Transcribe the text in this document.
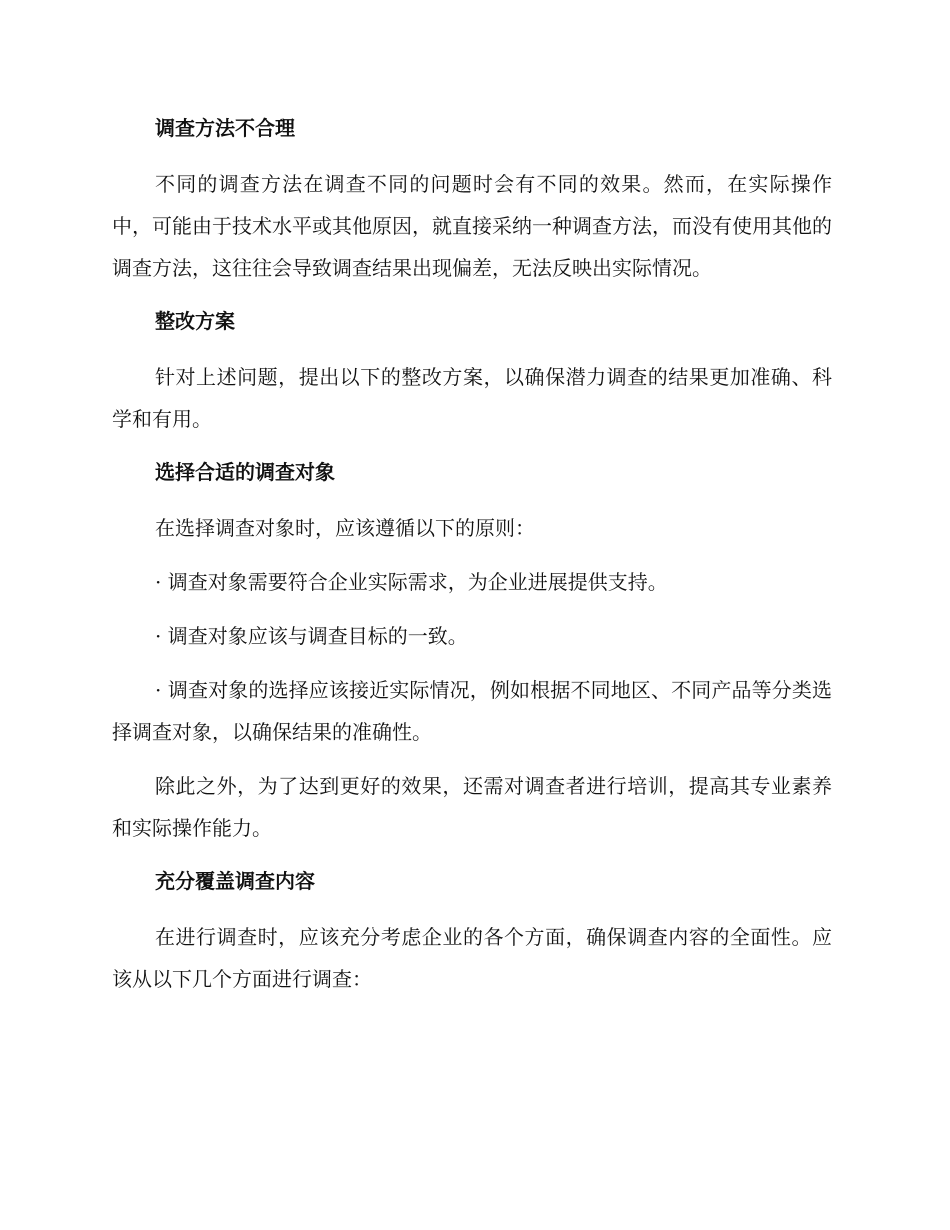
调查方法不合理

不同的调查方法在调查不同的问题时会有不同的效果。然而，在实际操作中，可能由于技术水平或其他原因，就直接采纳一种调查方法，而没有使用其他的调查方法，这往往会导致调查结果出现偏差，无法反映出实际情况。

整改方案

针对上述问题，提出以下的整改方案，以确保潜力调查的结果更加准确、科学和有用。

选择合适的调查对象

在选择调查对象时，应该遵循以下的原则：

· 调查对象需要符合企业实际需求，为企业进展提供支持。

· 调查对象应该与调查目标的一致。

· 调查对象的选择应该接近实际情况，例如根据不同地区、不同产品等分类选择调查对象，以确保结果的准确性。

除此之外，为了达到更好的效果，还需对调查者进行培训，提高其专业素养和实际操作能力。

充分覆盖调查内容

在进行调查时，应该充分考虑企业的各个方面，确保调查内容的全面性。应该从以下几个方面进行调查：
